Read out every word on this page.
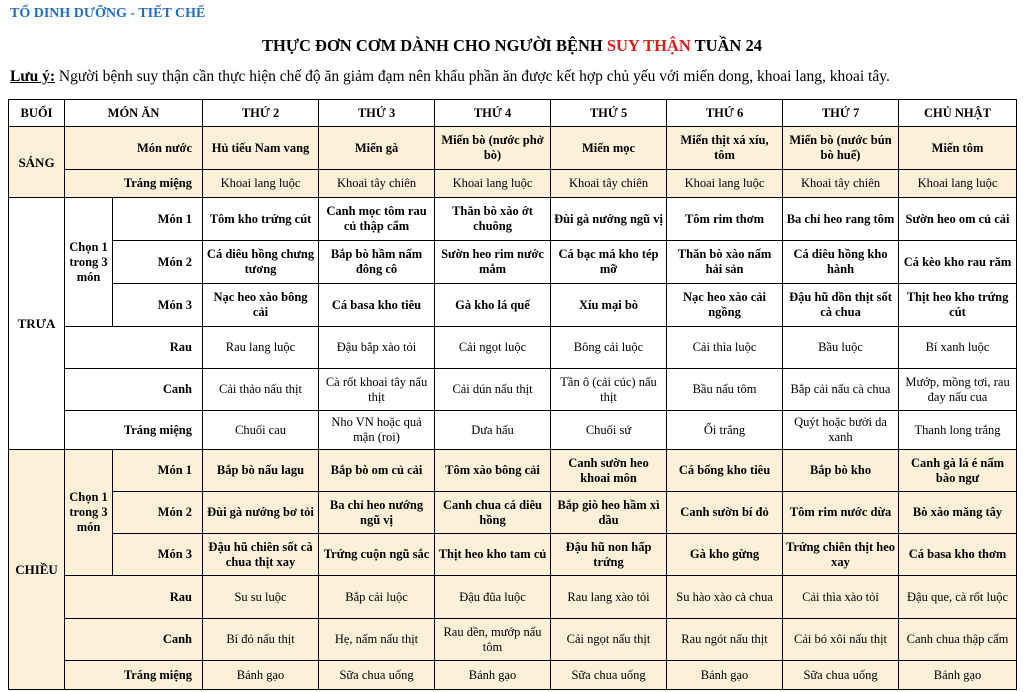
TỔ DINH DƯỠNG - TIẾT CHẾ
THỰC ĐƠN CƠM DÀNH CHO NGƯỜI BỆNH SUY THẬN TUẦN 24
Lưu ý: Người bệnh suy thận cần thực hiện chế độ ăn giảm đạm nên khẩu phần ăn được kết hợp chủ yếu với miến dong, khoai lang, khoai tây.
BUỔI	MÓN ĂN		THỨ 2	THỨ 3	THỨ 4	THỨ 5	THỨ 6	THỨ 7	CHỦ NHẬT
SÁNG	Món nước		Hủ tiếu Nam vang	Miến gà	Miến bò (nước phở bò)	Miến mọc	Miến thịt xá xíu, tôm	Miến bò (nước bún bò huế)	Miến tôm
	Tráng miệng		Khoai lang luộc	Khoai tây chiên	Khoai lang luộc	Khoai tây chiên	Khoai lang luộc	Khoai tây chiên	Khoai lang luộc
TRƯA	Chọn 1 trong 3 món	Món 1	Tôm kho trứng cút	Canh mọc tôm rau củ thập cẩm	Thăn bò xào ớt chuông	Đùi gà nướng ngũ vị	Tôm rim thơm	Ba chỉ heo rang tôm	Sườn heo om củ cải
		Món 2	Cá diêu hồng chưng tương	Bắp bò hầm nấm đông cô	Sườn heo rim nước mắm	Cá bạc má kho tép mỡ	Thăn bò xào nấm hải sản	Cá diêu hồng kho hành	Cá kèo kho rau răm
		Món 3	Nạc heo xào bông cải	Cá basa kho tiêu	Gà kho lá quế	Xíu mại bò	Nạc heo xào cải ngồng	Đậu hũ dồn thịt sốt cà chua	Thịt heo kho trứng cút
	Rau		Rau lang luộc	Đậu bắp xào tỏi	Cải ngọt luộc	Bông cải luộc	Cải thìa luộc	Bầu luộc	Bí xanh luộc
	Canh		Cải thảo nấu thịt	Cà rốt khoai tây nấu thịt	Cải dún nấu thịt	Tần ô (cải cúc) nấu thịt	Bầu nấu tôm	Bắp cải nấu cà chua	Mướp, mồng tơi, rau đay nấu cua
	Tráng miệng		Chuối cau	Nho VN hoặc quả mận (roi)	Dưa hấu	Chuối sứ	Ổi trắng	Quýt hoặc bưởi da xanh	Thanh long trắng
CHIỀU	Chọn 1 trong 3 món	Món 1	Bắp bò nấu lagu	Bắp bò om củ cải	Tôm xào bông cải	Canh sườn heo khoai môn	Cá bống kho tiêu	Bắp bò kho	Canh gà lá é nấm bào ngư
		Món 2	Đùi gà nướng bơ tỏi	Ba chỉ heo nướng ngũ vị	Canh chua cá diêu hồng	Bắp giò heo hầm xì dầu	Canh sườn bí đỏ	Tôm rim nước dừa	Bò xào măng tây
		Món 3	Đậu hũ chiên sốt cà chua thịt xay	Trứng cuộn ngũ sắc	Thịt heo kho tam củ	Đậu hũ non hấp trứng	Gà kho gừng	Trứng chiên thịt heo xay	Cá basa kho thơm
	Rau		Su su luộc	Bắp cải luộc	Đậu đũa luộc	Rau lang xào tỏi	Su hào xào cà chua	Cải thìa xào tỏi	Đậu que, cà rốt luộc
	Canh		Bí đỏ nấu thịt	Hẹ, nấm nấu thịt	Rau dền, mướp nấu tôm	Cải ngọt nấu thịt	Rau ngót nấu thịt	Cải bó xôi nấu thịt	Canh chua thập cẩm
	Tráng miệng		Bánh gạo	Sữa chua uống	Bánh gạo	Sữa chua uống	Bánh gạo	Sữa chua uống	Bánh gạo
